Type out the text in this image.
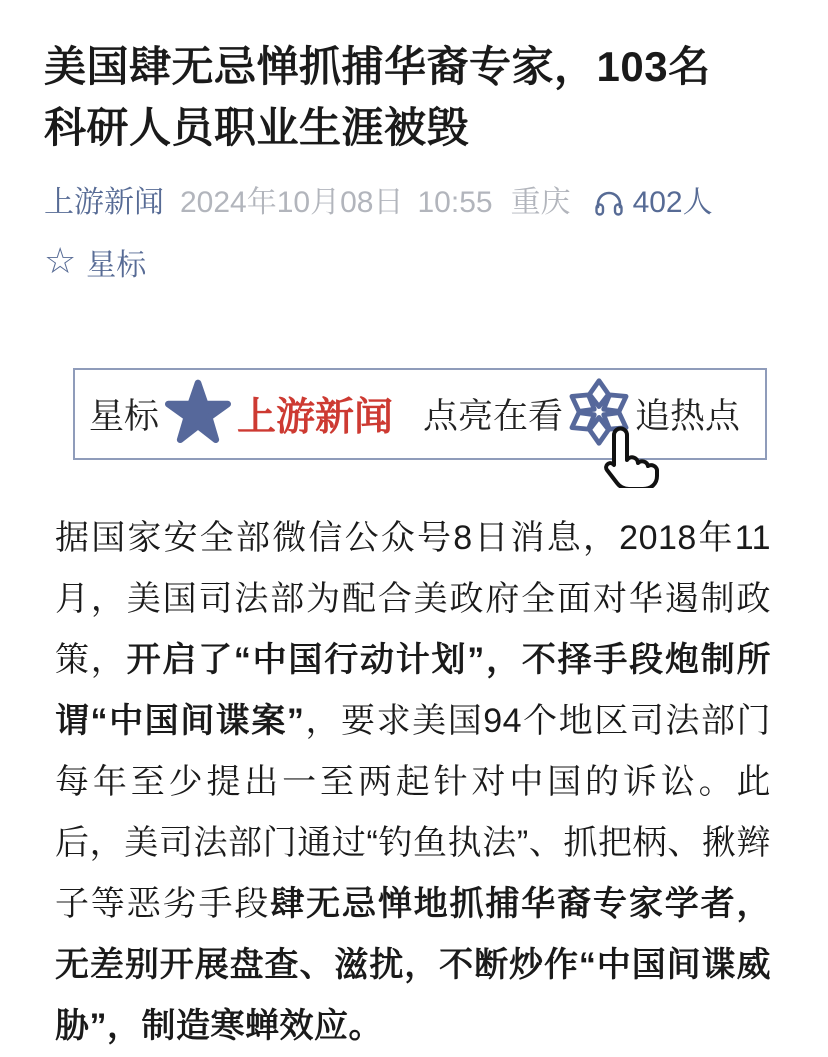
美国肆无忌惮抓捕华裔专家，103名
科研人员职业生涯被毁
上游新闻 2024年10月08日 10:55 重庆 402人
☆ 星标
星标 上游新闻 点亮在看 追热点

据国家安全部微信公众号8日消息，2018年11月，美国司法部为配合美政府全面对华遏制政策，开启了“中国行动计划”，不择手段炮制所谓“中国间谍案”，要求美国94个地区司法部门每年至少提出一至两起针对中国的诉讼。此后，美司法部门通过“钓鱼执法”、抓把柄、揪辫子等恶劣手段肆无忌惮地抓捕华裔专家学者，无差别开展盘查、滋扰，不断炒作“中国间谍威胁”，制造寒蝉效应。
